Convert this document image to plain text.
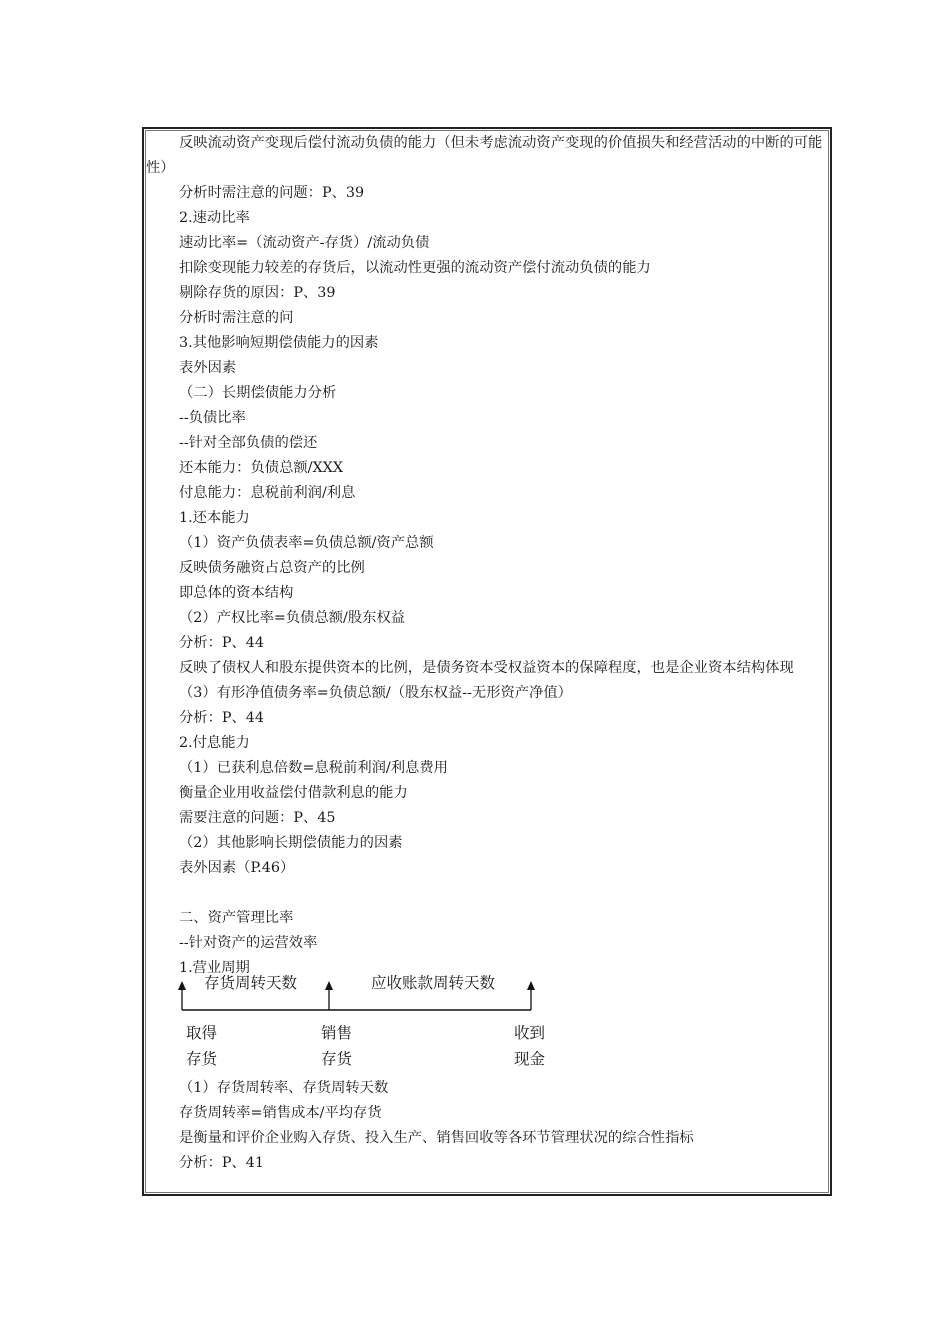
反映流动资产变现后偿付流动负债的能力（但未考虑流动资产变现的价值损失和经营活动的中断的可能性）
分析时需注意的问题：P、39
2.速动比率
速动比率=（流动资产-存货）/流动负债
扣除变现能力较差的存货后，以流动性更强的流动资产偿付流动负债的能力
剔除存货的原因：P、39
分析时需注意的问
3.其他影响短期偿债能力的因素
表外因素
（二）长期偿债能力分析
--负债比率
--针对全部负债的偿还
还本能力：负债总额/XXX
付息能力：息税前利润/利息
1.还本能力
（1）资产负债表率=负债总额/资产总额
反映债务融资占总资产的比例
即总体的资本结构
（2）产权比率=负债总额/股东权益
分析：P、44
反映了债权人和股东提供资本的比例，是债务资本受权益资本的保障程度，也是企业资本结构体现
（3）有形净值债务率=负债总额/（股东权益--无形资产净值）
分析：P、44
2.付息能力
（1）已获利息倍数=息税前利润/利息费用
衡量企业用收益偿付借款利息的能力
需要注意的问题：P、45
（2）其他影响长期偿债能力的因素
表外因素（P.46）
二、资产管理比率
--针对资产的运营效率
1.营业周期
存货周转天数	应收账款周转天数
取得
存货
销售
存货
收到
现金
（1）存货周转率、存货周转天数
存货周转率=销售成本/平均存货
是衡量和评价企业购入存货、投入生产、销售回收等各环节管理状况的综合性指标
分析：P、41
